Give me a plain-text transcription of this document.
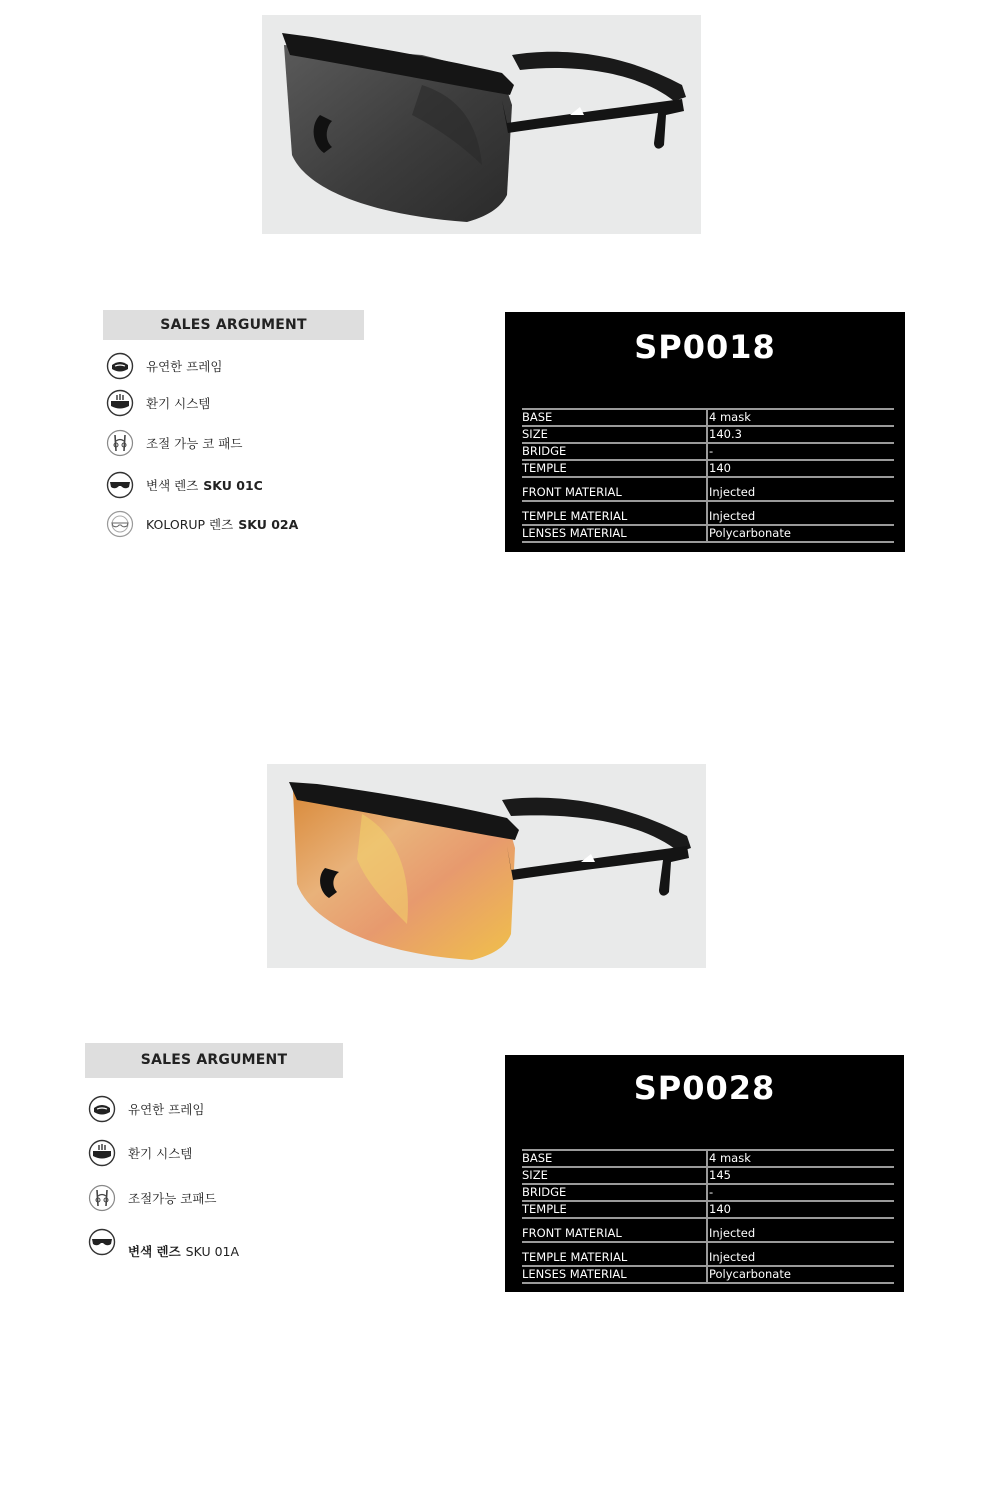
SALES ARGUMENT
유연한 프레임
환기 시스템
조절 가능 코 패드
변색 렌즈 SKU 01C
KOLORUP 렌즈 SKU 02A
SP0018
BASE	4 mask
SIZE	140.3
BRIDGE	-
TEMPLE	140
FRONT MATERIAL	Injected
TEMPLE MATERIAL	Injected
LENSES MATERIAL	Polycarbonate
SALES ARGUMENT
유연한 프레임
환기 시스템
조절가능 코패드
변색 렌즈 SKU 01A
SP0028
BASE	4 mask
SIZE	145
BRIDGE	-
TEMPLE	140
FRONT MATERIAL	Injected
TEMPLE MATERIAL	Injected
LENSES MATERIAL	Polycarbonate
